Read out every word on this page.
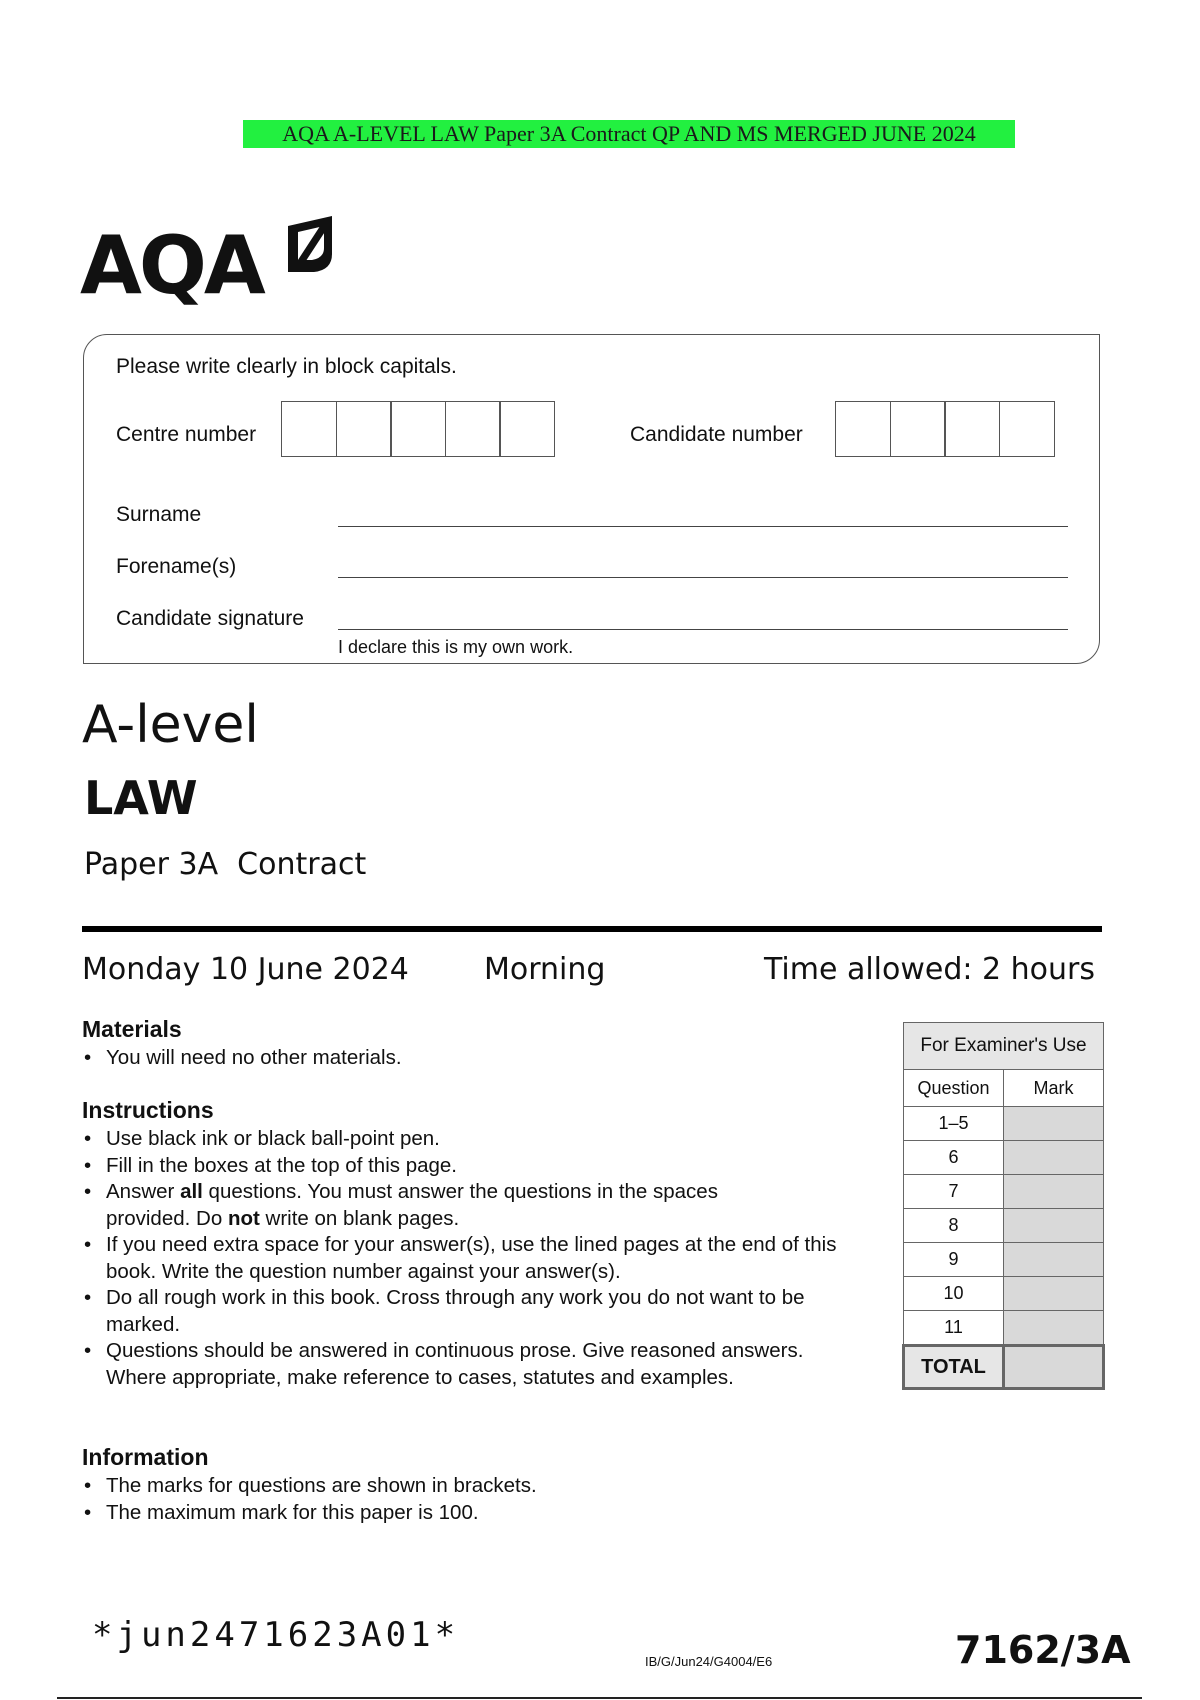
AQA A-LEVEL LAW Paper 3A Contract QP AND MS MERGED JUNE 2024
AQA
Please write clearly in block capitals.
Centre number	Candidate number
Surname
Forename(s)
Candidate signature
I declare this is my own work.
A-level
LAW
Paper 3A  Contract
Monday 10 June 2024	Morning	Time allowed: 2 hours
Materials
• You will need no other materials.
Instructions
• Use black ink or black ball-point pen.
• Fill in the boxes at the top of this page.
• Answer all questions. You must answer the questions in the spaces provided. Do not write on blank pages.
• If you need extra space for your answer(s), use the lined pages at the end of this book. Write the question number against your answer(s).
• Do all rough work in this book. Cross through any work you do not want to be marked.
• Questions should be answered in continuous prose. Give reasoned answers. Where appropriate, make reference to cases, statutes and examples.
Information
• The marks for questions are shown in brackets.
• The maximum mark for this paper is 100.
For Examiner's Use	
Question	Mark
1–5	
6	
7	
8	
9	
10	
11	
TOTAL	
*jun2471623A01*
IB/G/Jun24/G4004/E6	7162/3A
